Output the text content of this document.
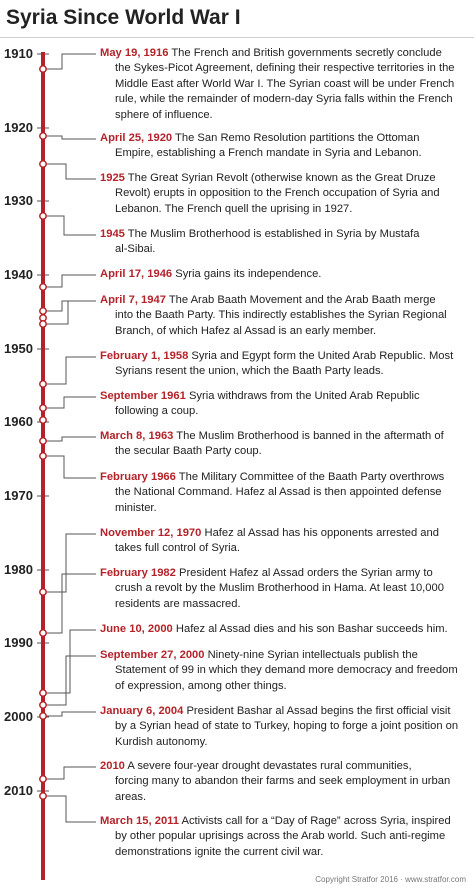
Syria Since World War I
1910
1920
1930
1940
1950
1960
1970
1980
1990
2000
2010
May 19, 1916 The French and British governments secretly conclude
the Sykes-Picot Agreement, defining their respective territories in the Middle East after World War I. The Syrian coast will be under French rule, while the remainder of modern-day Syria falls within the French sphere of influence.
April 25, 1920 The San Remo Resolution partitions the Ottoman
Empire, establishing a French mandate in Syria and Lebanon.
1925 The Great Syrian Revolt (otherwise known as the Great Druze
Revolt) erupts in opposition to the French occupation of Syria and Lebanon. The French quell the uprising in 1927.
1945 The Muslim Brotherhood is established in Syria by Mustafa
al-Sibai.
April 17, 1946 Syria gains its independence.
April 7, 1947 The Arab Baath Movement and the Arab Baath merge
into the Baath Party. This indirectly establishes the Syrian Regional Branch, of which Hafez al Assad is an early member.
February 1, 1958 Syria and Egypt form the United Arab Republic. Most
Syrians resent the union, which the Baath Party leads.
September 1961 Syria withdraws from the United Arab Republic
following a coup.
March 8, 1963 The Muslim Brotherhood is banned in the aftermath of
the secular Baath Party coup.
February 1966 The Military Committee of the Baath Party overthrows
the National Command. Hafez al Assad is then appointed defense minister.
November 12, 1970 Hafez al Assad has his opponents arrested and
takes full control of Syria.
February 1982 President Hafez al Assad orders the Syrian army to
crush a revolt by the Muslim Brotherhood in Hama. At least 10,000 residents are massacred.
June 10, 2000 Hafez al Assad dies and his son Bashar succeeds him.
September 27, 2000 Ninety-nine Syrian intellectuals publish the
Statement of 99 in which they demand more democracy and freedom of expression, among other things.
January 6, 2004 President Bashar al Assad begins the first official visit
by a Syrian head of state to Turkey, hoping to forge a joint position on Kurdish autonomy.
2010 A severe four-year drought devastates rural communities,
forcing many to abandon their farms and seek employment in urban areas.
March 15, 2011 Activists call for a “Day of Rage” across Syria, inspired
by other popular uprisings across the Arab world. Such anti-regime demonstrations ignite the current civil war.
Copyright Stratfor 2016 · www.stratfor.com
